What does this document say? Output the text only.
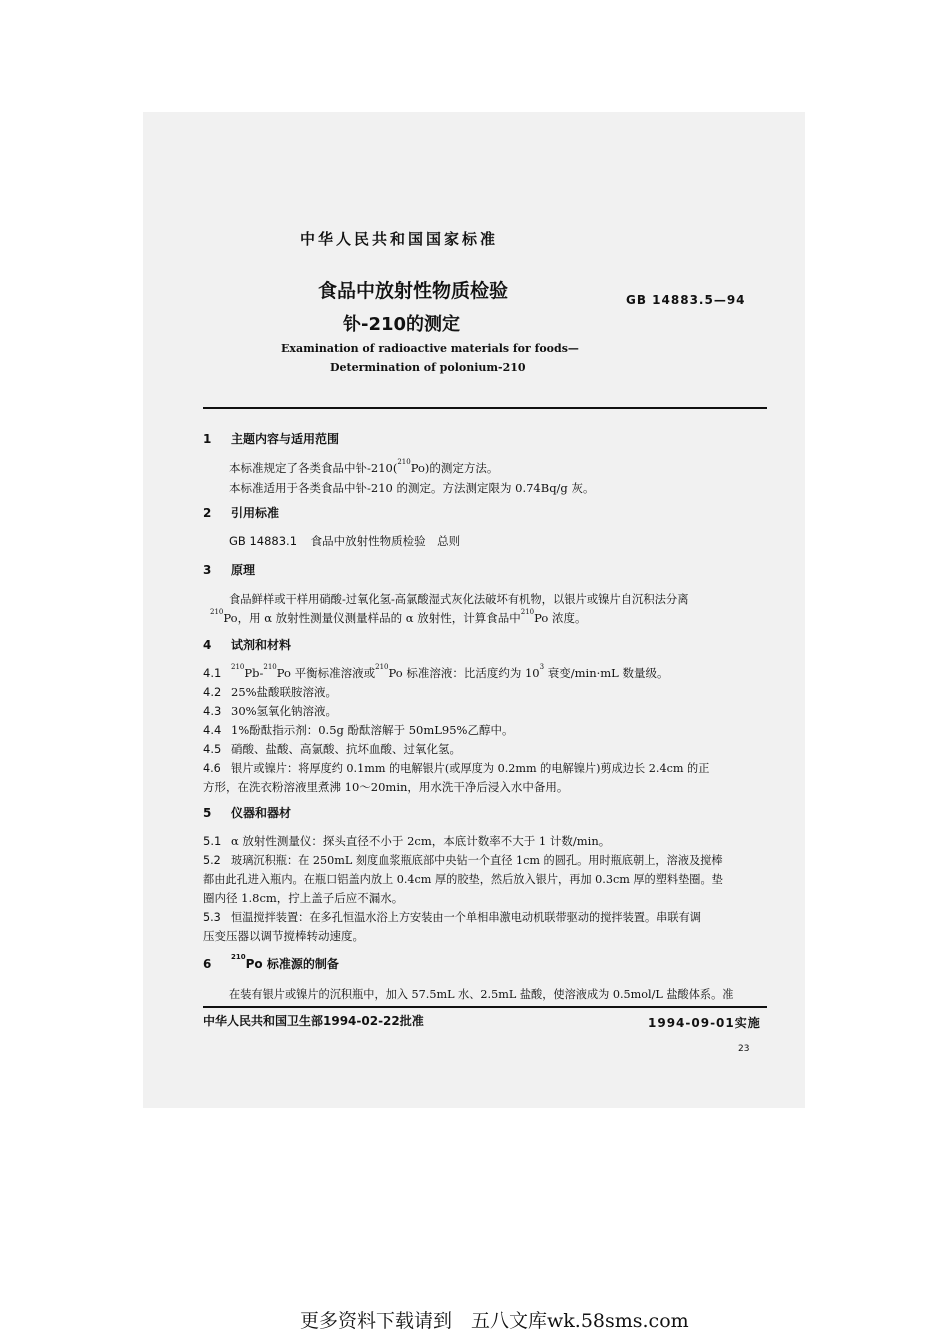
中华人民共和国国家标准
食品中放射性物质检验
钋-210的测定
GB 14883.5—94
Examination of radioactive materials for foods—
Determination of polonium-210
1 主题内容与适用范围
本标准规定了各类食品中钋-210($^{210}$Po)的测定方法。
本标准适用于各类食品中钋-210 的测定。方法测定限为 0.74Bq/g 灰。
2 引用标准
GB 14883.1 食品中放射性物质检验　总则
3 原理
食品鲜样或干样用硝酸-过氧化氢-高氯酸湿式灰化法破坏有机物，以银片或镍片自沉积法分离
$^{210}$Po，用 α 放射性测量仪测量样品的 α 放射性，计算食品中$^{210}$Po 浓度。
4 试剂和材料
4.1 $^{210}$Pb-$^{210}$Po 平衡标准溶液或$^{210}$Po 标准溶液：比活度约为 $10^3$ 衰变/min·mL 数量级。
4.2 25%盐酸联胺溶液。
4.3 30%氢氧化钠溶液。
4.4 1%酚酞指示剂：0.5g 酚酞溶解于 50mL95%乙醇中。
4.5 硝酸、盐酸、高氯酸、抗坏血酸、过氧化氢。
4.6 银片或镍片：将厚度约 0.1mm 的电解银片(或厚度为 0.2mm 的电解镍片)剪成边长 2.4cm 的正
方形，在洗衣粉溶液里煮沸 10～20min，用水洗干净后浸入水中备用。
5 仪器和器材
5.1 α 放射性测量仪：探头直径不小于 2cm，本底计数率不大于 1 计数/min。
5.2 玻璃沉积瓶：在 250mL 刻度血浆瓶底部中央钻一个直径 1cm 的圆孔。用时瓶底朝上，溶液及搅棒
都由此孔进入瓶内。在瓶口铝盖内放上 0.4cm 厚的胶垫，然后放入银片，再加 0.3cm 厚的塑料垫圈。垫
圈内径 1.8cm，拧上盖子后应不漏水。
5.3 恒温搅拌装置：在多孔恒温水浴上方安装由一个单相串激电动机联带驱动的搅拌装置。串联有调
压变压器以调节搅棒转动速度。
6	$^{210}$Po 标准源的制备
在装有银片或镍片的沉积瓶中，加入 57.5mL 水、2.5mL 盐酸，使溶液成为 0.5mol/L 盐酸体系。准
中华人民共和国卫生部1994-02-22批准	1994-09-01实施
23
更多资料下载请到　五八文库wk.58sms.com
